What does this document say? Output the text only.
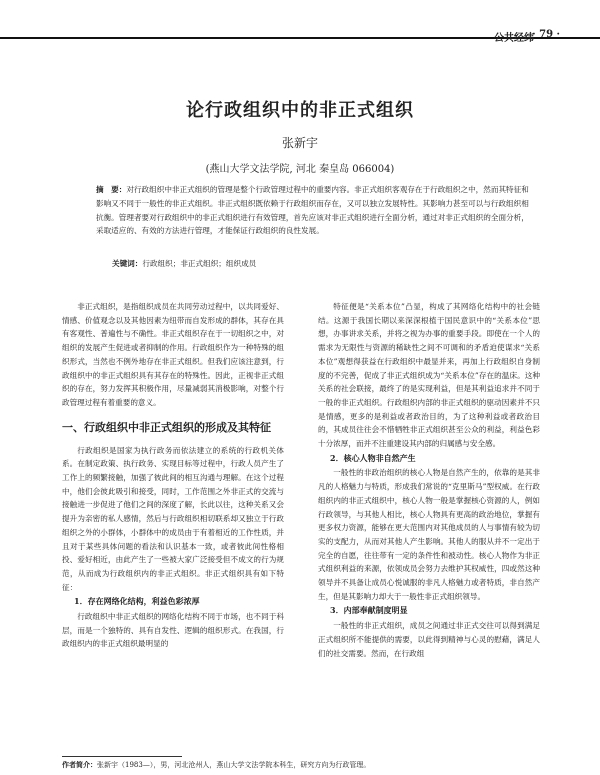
公共经纬
· 79 ·
论行政组织中的非正式组织
张新宇
(燕山大学文法学院, 河北 秦皇岛 066004)
摘　要：对行政组织中非正式组织的管理是整个行政管理过程中的重要内容。非正式组织客观存在于行政组织之中，然而其特征和影响又不同于一般性的非正式组织。非正式组织既依赖于行政组织而存在，又可以独立发展特性。其影响力甚至可以与行政组织相抗衡。管理者要对行政组织中的非正式组织进行有效管理，首先应该对非正式组织进行全面分析，通过对非正式组织的全面分析，采取适应的、有效的方法进行管理，才能保证行政组织的良性发展。
关键词：行政组织；非正式组织；组织成员

非正式组织，是指组织成员在共同劳动过程中，以共同爱好、情感、价值观念以及其他因素为纽带而自发形成的群体，其存在具有客观性、普遍性与不确性。非正式组织存在于一切组织之中，对组织的发展产生促进或者抑制的作用。行政组织作为一种特殊的组织形式，当然也不例外地存在非正式组织。但我们应该注意到，行政组织中的非正式组织具有其存在的特殊性。因此，正视非正式组织的存在，努力发挥其积极作用，尽量减弱其消极影响，对整个行政管理过程有着重要的意义。

一、行政组织中非正式组织的形成及其特征

行政组织是国家为执行政务而依法建立的系统的行政机关体系。在制定政策、执行政务、实现目标等过程中，行政人员产生了工作上的频繁接触，加强了彼此间的相互沟通与理解。在这个过程中，他们会彼此吸引和接受，同时，工作范围之外非正式的交流与接触进一步促进了他们之间的深度了解，长此以往，这种关系又会提升为亲密的私人感情，然后与行政组织相切联系却又独立于行政组织之外的小群体，小群体中的成员由于有着相近的工作性质，并且对于某些具体问题的看法和认识基本一致，或者彼此间性格相投、爱好相近，由此产生了一些被大家广泛接受但不成文的行为规范，从而成为行政组织内的非正式组织。非正式组织具有如下特征：

1．存在网络化结构，利益色彩浓厚

行政组织中非正式组织的网络化结构不同于市场，也不同于科层，而是一个独特的、具有自发性、逻辑的组织形式。在我国，行政组织内的非正式组织最明显的

特征便是“关系本位”凸显，构成了其网络化结构中的社会链结。这源于我国长期以来深深根植于国民意识中的“关系本位”思想，办事讲求关系，并将之视为办事的重要手段。即使在一个人的需求为无限性与资源的稀缺性之间不可调和的矛盾迫使谋求“关系本位”观想得获益在行政组织中最显并来，再加上行政组织自身制度的不完善，促成了非正式组织成为“关系本位”存在的温床。这种关系的社会联接，最终了的是实现利益，但是其利益追求并不同于一般的非正式组织。行政组织内部的非正式组织的驱动因素并不只是情感，更多的是利益或者政治目的，为了这种利益或者政治目的，其成员往往会不惜牺牲非正式组织甚至公众的利益，利益色彩十分浓厚，而并不注重建设其内部的归属感与安全感。

2．核心人物非自然产生

一般性的非政治组织的核心人物是自然产生的，依靠的是其非凡的人格魅力与特质，形成我们常说的“克里斯马”型权威。在行政组织内的非正式组织中，核心人物一般是掌握核心资源的人，例如行政领导，与其他人相比，核心人物具有更高的政治地位，掌握有更多权力资源，能够在更大范围内对其他成员的人与事情有较为切实的支配力，从而对其他人产生影响。其他人的服从并不一定出于完全的自愿，往往带有一定的条件性和被动性。核心人物作为非正式组织利益的来源，依领成员会努力去维护其权威性，四或然这种领导并不具备让成员心悦诚服的非凡人格魅力或者特质，非自然产生，但是其影响力却大于一般性非正式组织领导。

3．内部奉献制度明显

一般性的非正式组织，成员之间通过非正式交往可以得到满足正式组织所不能提供的需要，以此得到精神与心灵的慰藉，满足人们的社交需要。然而，在行政组

作者简介：张新宇（1983—），男，河北沧州人，燕山大学文法学院本科生，研究方向为行政管理。
